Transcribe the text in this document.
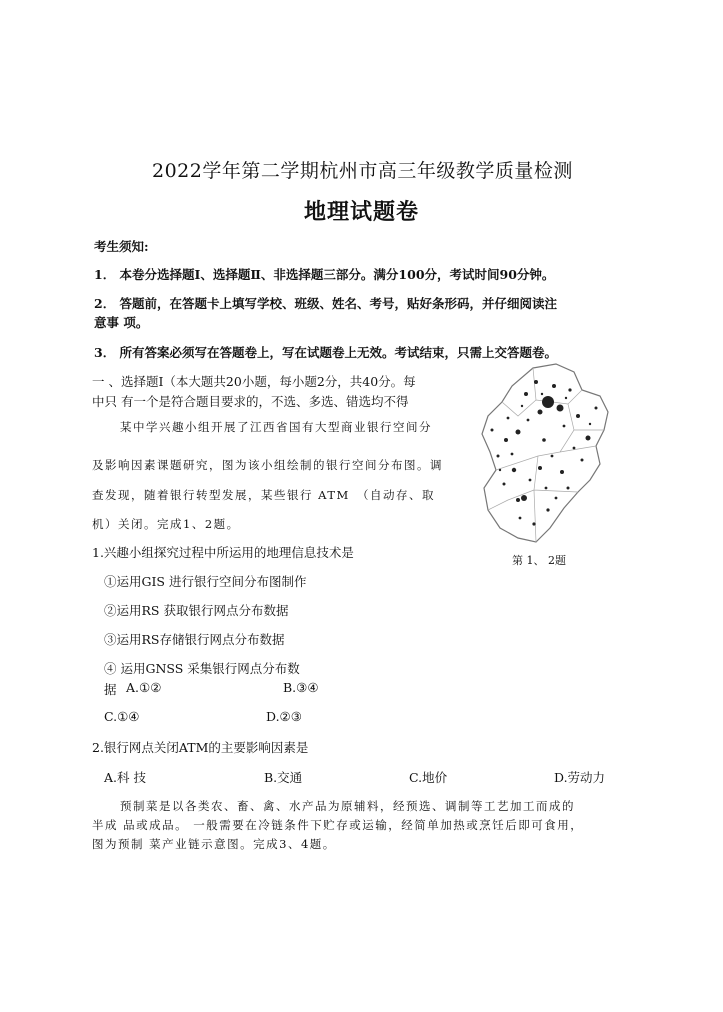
2022学年第二学期杭州市高三年级教学质量检测
地理试题卷
考生须知:
1． 本卷分选择题Ⅰ、选择题Ⅱ、非选择题三部分。满分100分，考试时间90分钟。
2． 答题前，在答题卡上填写学校、班级、姓名、考号，贴好条形码，并仔细阅读注
意事 项。
3． 所有答案必须写在答题卷上，写在试题卷上无效。考试结束，只需上交答题卷。
一 、选择题Ⅰ（本大题共20小题，每小题2分，共40分。每
中只 有一个是符合题目要求的，不选、多选、错选均不得
某中学兴趣小组开展了江西省国有大型商业银行空间分
及影响因素课题研究，图为该小组绘制的银行空间分布图。调
查发现，随着银行转型发展，某些银行 ATM　（自动存、取
机）关闭。完成1、2题。
第 1、 2题
1.兴趣小组探究过程中所运用的地理信息技术是
①运用GIS 进行银行空间分布图制作
②运用RS 获取银行网点分布数据
③运用RS存储银行网点分布数据
④ 运用GNSS 采集银行网点分布数
据 A.①②	B.③④
C.①④	D.②③
2.银行网点关闭ATM的主要影响因素是
A.科 技	B.交通	C.地价	D.劳动力
预制菜是以各类农、畜、禽、水产品为原辅料，经预选、调制等工艺加工而成的
半成 品或成品。 一般需要在冷链条件下贮存或运输，经简单加热或烹饪后即可食用，
图为预制 菜产业链示意图。完成3、4题。
